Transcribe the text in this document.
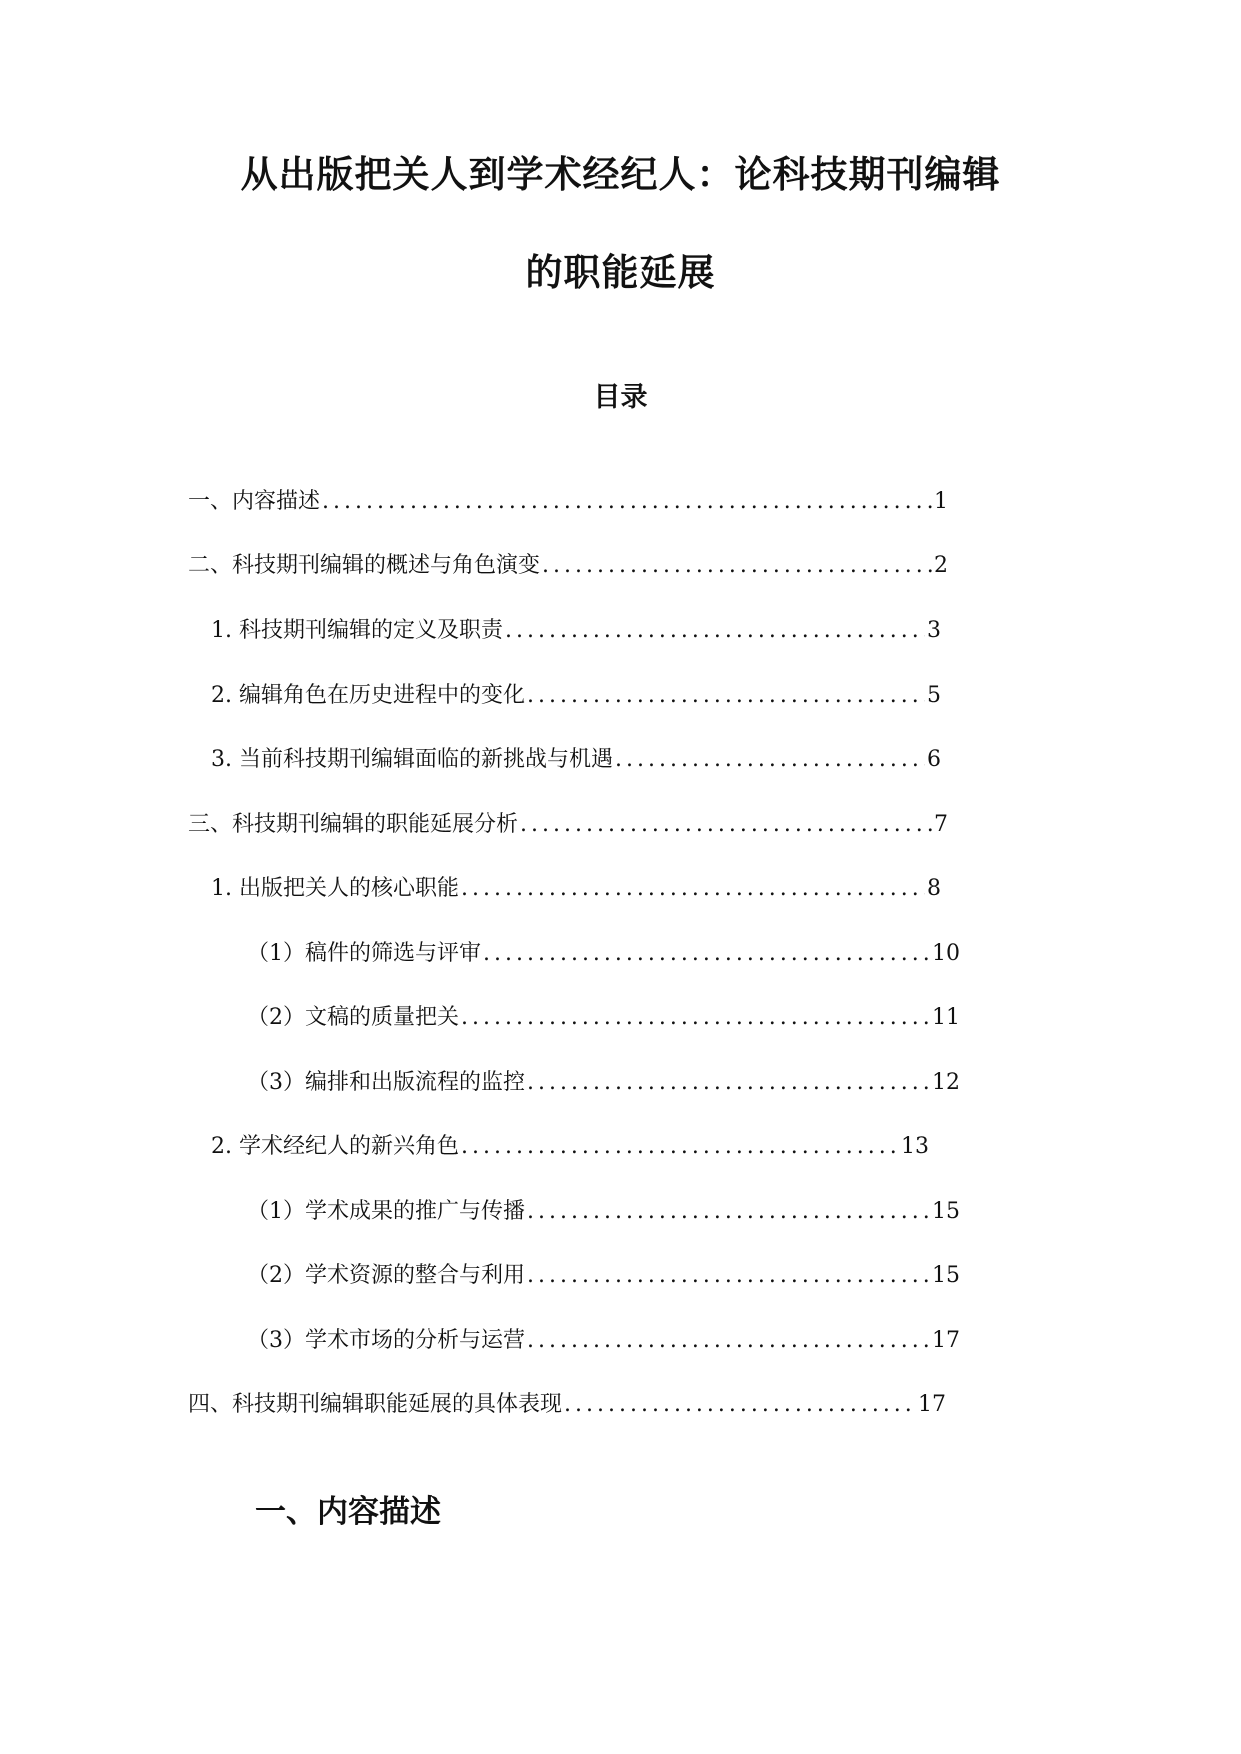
从出版把关人到学术经纪人：论科技期刊编辑
的职能延展
目录
一、内容描述 .....	1
二、科技期刊编辑的概述与角色演变 .....	2
1. 科技期刊编辑的定义及职责 .....	3
2. 编辑角色在历史进程中的变化 .....	5
3. 当前科技期刊编辑面临的新挑战与机遇 .....	6
三、科技期刊编辑的职能延展分析 .....	7
1. 出版把关人的核心职能 .....	8
（1）稿件的筛选与评审 .....	10
（2）文稿的质量把关 .....	11
（3）编排和出版流程的监控 .....	12
2. 学术经纪人的新兴角色 .....	13
（1）学术成果的推广与传播 .....	15
（2）学术资源的整合与利用 .....	15
（3）学术市场的分析与运营 .....	17
四、科技期刊编辑职能延展的具体表现 .....	17
一、内容描述
